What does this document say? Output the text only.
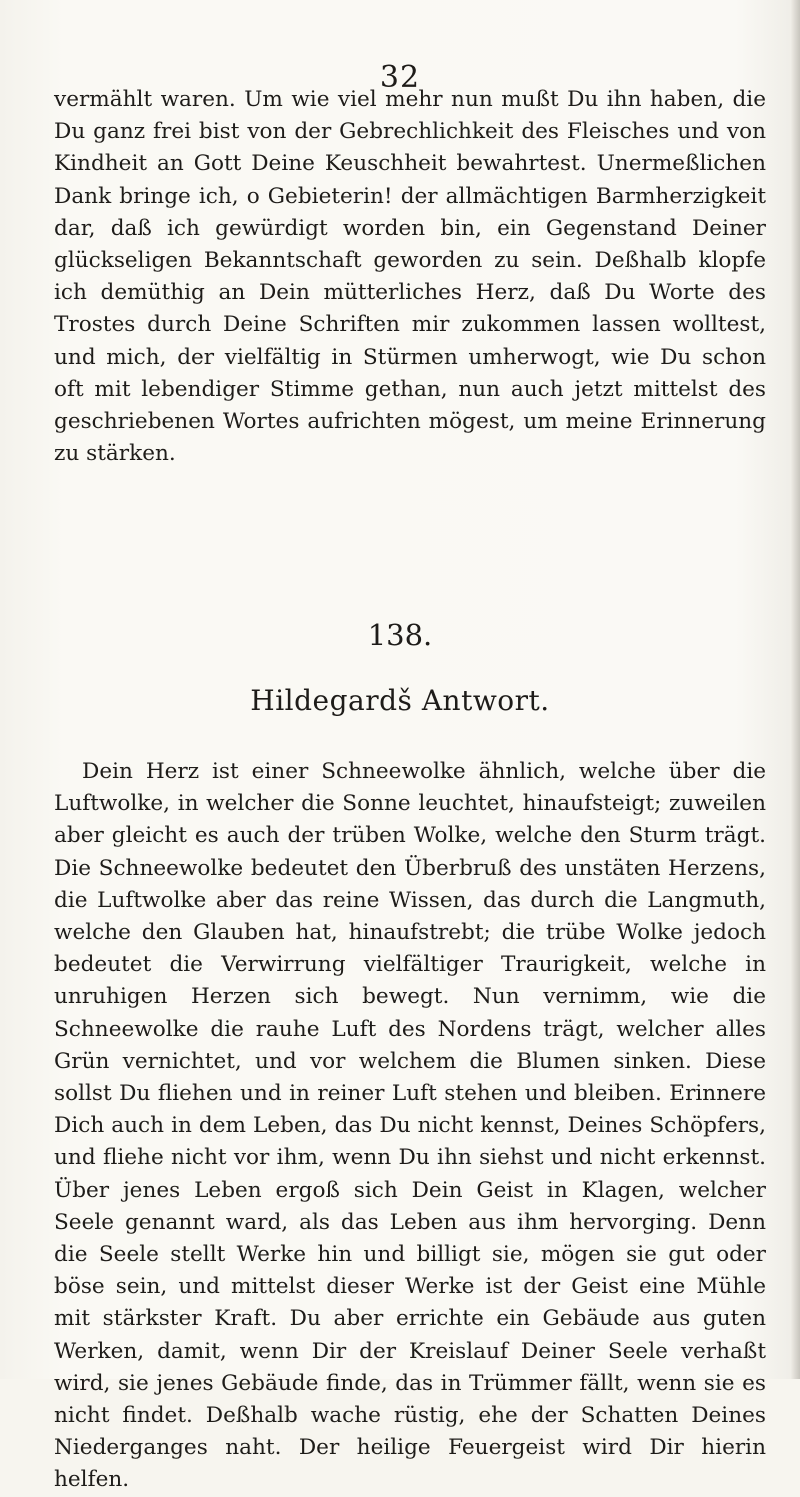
32

vermählt waren. Um wie viel mehr nun mußt Du ihn haben, die Du ganz frei bist von der Gebrechlichkeit des Fleisches und von Kindheit an Gott Deine Keuschheit bewahrtest. Unermeßlichen Dank bringe ich, o Gebieterin! der allmächtigen Barmherzigkeit dar, daß ich gewürdigt worden bin, ein Gegenstand Deiner glückseligen Bekanntschaft geworden zu sein. Deßhalb klopfe ich demüthig an Dein mütterliches Herz, daß Du Worte des Trostes durch Deine Schriften mir zukommen lassen wolltest, und mich, der vielfältig in Stürmen umherwogt, wie Du schon oft mit lebendiger Stimme gethan, nun auch jetzt mittelst des geschriebenen Wortes aufrichten mögest, um meine Erinnerung zu stärken.

138.
Hildegardš Antwort.

Dein Herz ist einer Schneewolke ähnlich, welche über die Luftwolke, in welcher die Sonne leuchtet, hinaufsteigt; zuweilen aber gleicht es auch der trüben Wolke, welche den Sturm trägt. Die Schneewolke bedeutet den Überbruß des unstäten Herzens, die Luftwolke aber das reine Wissen, das durch die Langmuth, welche den Glauben hat, hinaufstrebt; die trübe Wolke jedoch bedeutet die Verwirrung vielfältiger Traurigkeit, welche in unruhigen Herzen sich bewegt. Nun vernimm, wie die Schneewolke die rauhe Luft des Nordens trägt, welcher alles Grün vernichtet, und vor welchem die Blumen sinken. Diese sollst Du fliehen und in reiner Luft stehen und bleiben. Erinnere Dich auch in dem Leben, das Du nicht kennst, Deines Schöpfers, und fliehe nicht vor ihm, wenn Du ihn siehst und nicht erkennst. Über jenes Leben ergoß sich Dein Geist in Klagen, welcher Seele genannt ward, als das Leben aus ihm hervorging. Denn die Seele stellt Werke hin und billigt sie, mögen sie gut oder böse sein, und mittelst dieser Werke ist der Geist eine Mühle mit stärkster Kraft. Du aber errichte ein Gebäude aus guten Werken, damit, wenn Dir der Kreislauf Deiner Seele verhaßt wird, sie jenes Gebäude finde, das in Trümmer fällt, wenn sie es nicht findet. Deßhalb wache rüstig, ehe der Schatten Deines Niederganges naht. Der heilige Feuergeist wird Dir hierin helfen.
